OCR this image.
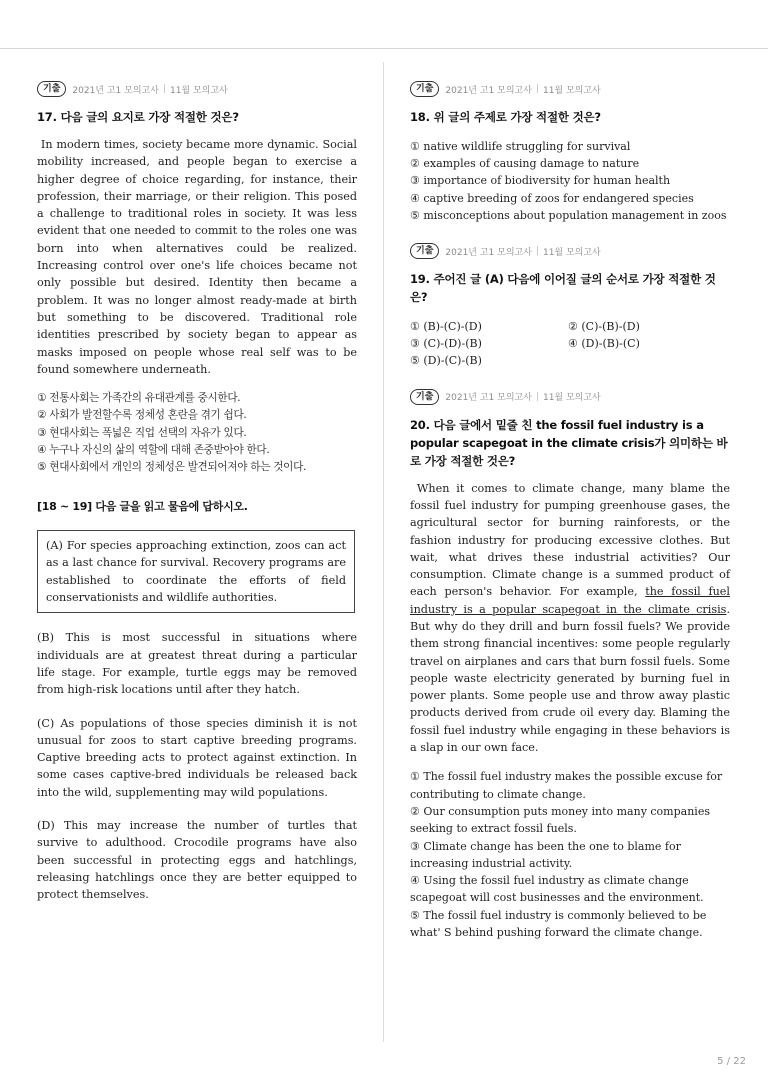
기출	2021년 고1 모의고사 | 11월 모의고사
17. 다음 글의 요지로 가장 적절한 것은?
In modern times, society became more dynamic. Social mobility increased, and people began to exercise a higher degree of choice regarding, for instance, their profession, their marriage, or their religion. This posed a challenge to traditional roles in society. It was less evident that one needed to commit to the roles one was born into when alternatives could be realized. Increasing control over one's life choices became not only possible but desired. Identity then became a problem. It was no longer almost ready-made at birth but something to be discovered. Traditional role identities prescribed by society began to appear as masks imposed on people whose real self was to be found somewhere underneath.
① 전통사회는 가족간의 유대관계를 중시한다.
② 사회가 발전할수록 정체성 혼란을 겪기 쉽다.
③ 현대사회는 폭넓은 직업 선택의 자유가 있다.
④ 누구나 자신의 삶의 역할에 대해 존중받아야 한다.
⑤ 현대사회에서 개인의 정체성은 발견되어져야 하는 것이다.
[18 ~ 19] 다음 글을 읽고 물음에 답하시오.
(A) For species approaching extinction, zoos can act as a last chance for survival. Recovery programs are established to coordinate the efforts of field conservationists and wildlife authorities.
(B) This is most successful in situations where individuals are at greatest threat during a particular life stage. For example, turtle eggs may be removed from high-risk locations until after they hatch.
(C) As populations of those species diminish it is not unusual for zoos to start captive breeding programs. Captive breeding acts to protect against extinction. In some cases captive-bred individuals be released back into the wild, supplementing may wild populations.
(D) This may increase the number of turtles that survive to adulthood. Crocodile programs have also been successful in protecting eggs and hatchlings, releasing hatchlings once they are better equipped to protect themselves.
기출	2021년 고1 모의고사 | 11월 모의고사
18. 위 글의 주제로 가장 적절한 것은?
① native wildlife struggling for survival
② examples of causing damage to nature
③ importance of biodiversity for human health
④ captive breeding of zoos for endangered species
⑤ misconceptions about population management in zoos
기출	2021년 고1 모의고사 | 11월 모의고사
19. 주어진 글 (A) 다음에 이어질 글의 순서로 가장 적절한 것은?
① (B)-(C)-(D)	② (C)-(B)-(D)
③ (C)-(D)-(B)	④ (D)-(B)-(C)
⑤ (D)-(C)-(B)
기출	2021년 고1 모의고사 | 11월 모의고사
20. 다음 글에서 밑줄 친 the fossil fuel industry is a popular scapegoat in the climate crisis가 의미하는 바로 가장 적절한 것은?
When it comes to climate change, many blame the fossil fuel industry for pumping greenhouse gases, the agricultural sector for burning rainforests, or the fashion industry for producing excessive clothes. But wait, what drives these industrial activities? Our consumption. Climate change is a summed product of each person's behavior. For example, the fossil fuel industry is a popular scapegoat in the climate crisis. But why do they drill and burn fossil fuels? We provide them strong financial incentives: some people regularly travel on airplanes and cars that burn fossil fuels. Some people waste electricity generated by burning fuel in power plants. Some people use and throw away plastic products derived from crude oil every day. Blaming the fossil fuel industry while engaging in these behaviors is a slap in our own face.
① The fossil fuel industry makes the possible excuse for contributing to climate change.
② Our consumption puts money into many companies seeking to extract fossil fuels.
③ Climate change has been the one to blame for increasing industrial activity.
④ Using the fossil fuel industry as climate change scapegoat will cost businesses and the environment.
⑤ The fossil fuel industry is commonly believed to be what' S behind pushing forward the climate change.
5 / 22
